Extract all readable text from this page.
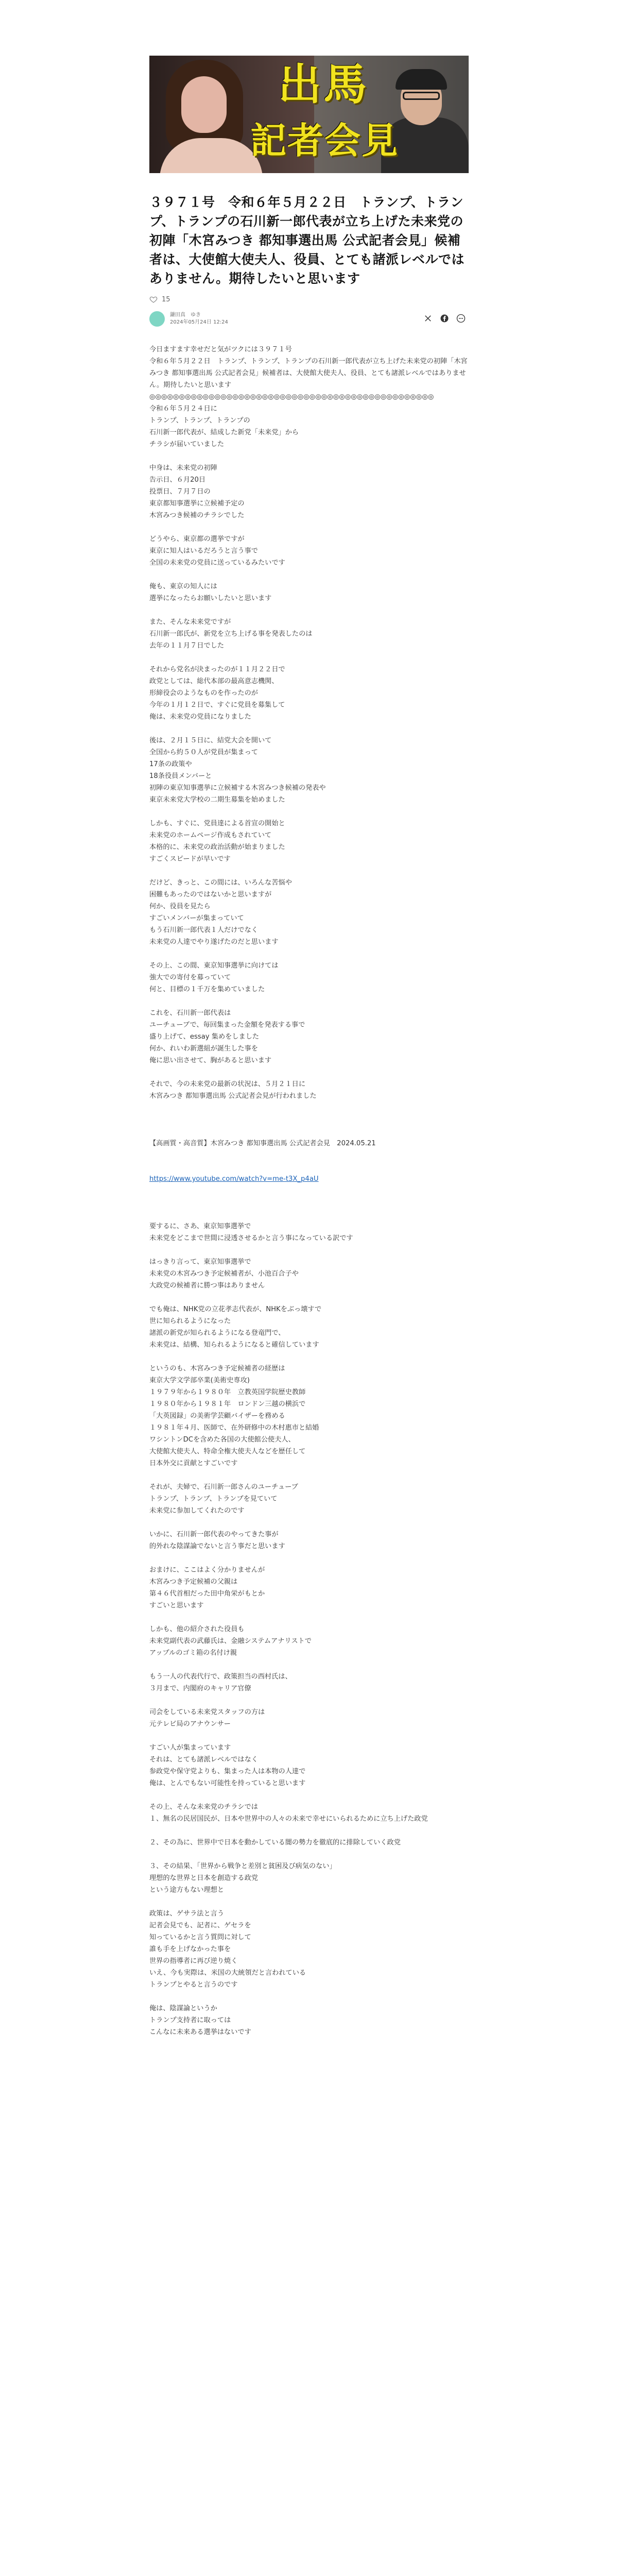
出馬
記者会見
３９７１号　令和６年５月２２日　トランプ、トランプ、トランプの石川新一郎代表が立ち上げた未来党の初陣「木宮みつき 都知事選出馬 公式記者会見」候補者は、大使館大使夫人、役員、とても諸派レベルではありません。期待したいと思います
15
鎌田真　ゆき
2024年05月24日 12:24

今日ますます幸せだと気がツクには３９７１号
令和６年５月２２日　トランプ、トランプ、トランプの石川新一郎代表が立ち上げた未来党の初陣「木宮みつき 都知事選出馬 公式記者会見」候補者は、大使館大使夫人、役員、とても諸派レベルではありません。期待したいと思います
◎◎◎◎◎◎◎◎◎◎◎◎◎◎◎◎◎◎◎◎◎◎◎◎◎◎◎◎◎◎◎◎◎◎◎◎◎◎◎◎◎◎◎◎◎◎◎◎
令和６年５月２４日に
トランプ、トランプ、トランプの
石川新一郎代表が、結成した新党「未来党」から
チラシが届いていました

中身は、未来党の初陣
告示日、６月20日
投票日、７月７日の
東京都知事選挙に立候補予定の
木宮みつき候補のチラシでした

どうやら、東京都の選挙ですが
東京に知人はいるだろうと言う事で
全国の未来党の党員に送っているみたいです

俺も、東京の知人には
選挙になったらお願いしたいと思います

また、そんな未来党ですが
石川新一郎氏が、新党を立ち上げる事を発表したのは
去年の１１月７日でした

それから党名が決まったのが１１月２２日で
政党としては、総代本部の最高意志機関、
形締役会のようなものを作ったのが
今年の１月１２日で、すぐに党員を募集して
俺は、未来党の党員になりました

後は、２月１５日に、結党大会を開いて
全国から約５０人が党員が集まって
17条の政策や
18条役員メンバーと
初陣の東京知事選挙に立候補する木宮みつき候補の発表や
東京未来党大学校の二期生募集を始めました

しかも、すぐに、党員達による首宣の開始と
未来党のホームページ作成もされていて
本格的に、未来党の政治活動が始まりました
すごくスピードが早いです

だけど、きっと、この間には、いろんな苦悩や
困難もあったのではないかと思いますが
何か、役員を見たら
すごいメンバーが集まっていて
もう石川新一郎代表１人だけでなく
未来党の人達でやり遂げたのだと思います

その上、この間、東京知事選挙に向けては
強大での寄付を募っていて
何と、目標の１千万を集めていました

これを、石川新一郎代表は
ユーチューブで、毎回集まった金額を発表する事で
盛り上げて、essay 集めをしました
何か、れいわ新選組が誕生した事を
俺に思い出させて、胸があると思います

それで、今の未来党の最新の状況は、５月２１日に
木宮みつき 都知事選出馬 公式記者会見が行われました

【高画質・高音質】木宮みつき 都知事選出馬 公式記者会見　2024.05.21

https://www.youtube.com/watch?v=me-t3X_p4aU

要するに、さあ、東京知事選挙で
未来党をどこまで世間に浸透させるかと言う事になっている訳です

はっきり言って、東京知事選挙で
未来党の木宮みつき予定候補者が、小池百合子や
大政党の候補者に勝つ事はありません

でも俺は、NHK党の立花孝志代表が、NHKをぶっ壊すで
世に知られるようになった
諸派の新党が知られるようになる登竜門で、
未来党は、結構、知られるようになると確信しています

というのも、木宮みつき予定候補者の経歴は
東京大学文学部卒業(美術史専攻)
１９７９年から１９８０年　立教英国学院歴史教師
１９８０年から１９８１年　ロンドン三越の横浜で
「大英図録」の美術学芸顧バイザーを務める
１９８１年４月、医師で、在外研修中の木村惠市と結婚
ワシントンDCを含めた各国の大使館公使夫人、
大使館大使夫人、特命全権大使夫人などを歴任して
日本外交に貢献とすごいです

それが、夫婦で、石川新一郎さんのユーチューブ
トランプ、トランプ、トランプを見ていて
未来党に参加してくれたのです

いかに、石川新一郎代表のやってきた事が
的外れな陰謀論でないと言う事だと思います

おまけに、ここはよく分かりませんが
木宮みつき予定候補の父親は
第４６代首相だった田中角栄がもとか
すごいと思います

しかも、他の紹介された役員も
未来党副代表の武藤氏は、金融システムアナリストで
アップルのゴミ箱の名付け親

もう一人の代表代行で、政策担当の西村氏は、
３月まで、内閣府のキャリア官僚

司会をしている未来党スタッフの方は
元テレビ局のアナウンサー

すごい人が集まっています
それは、とても諸派レベルではなく
参政党や保守党よりも、集まった人は本物の人達で
俺は、とんでもない可能性を持っていると思います

その上、そんな未来党のチラシでは
１、無名の民居国民が、日本や世界中の人々の未来で幸せにいられるために立ち上げた政党

２、その為に、世界中で日本を動かしている闇の勢力を徹底的に排除していく政党

３、その結果、「世界から戦争と差別と貧困及び病気のない」
理想的な世界と日本を創造する政党
という途方もない理想と

政策は、ゲサラ法と言う
記者会見でも、記者に、ゲセラを
知っているかと言う質問に対して
誰も手を上げなかった事を
世界の指導者に再び逆り焼く
いえ、今も実際は、米国の大統領だと言われている
トランプとやると言うのです

俺は、陰謀論というか
トランプ支持者に取っては
こんなに未来ある選挙はないです
